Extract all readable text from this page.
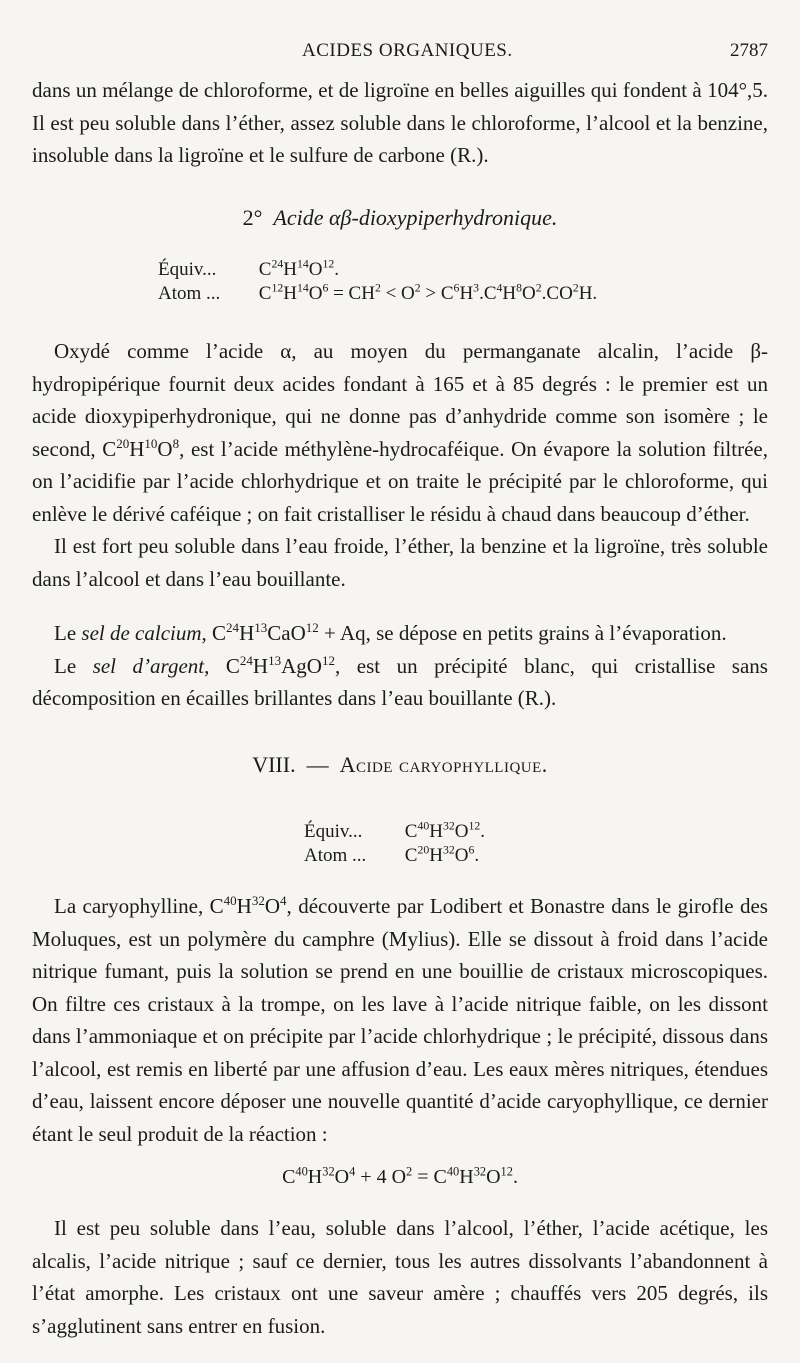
ACIDES ORGANIQUES.	2787

dans un mélange de chloroforme, et de ligroïne en belles aiguilles qui fondent à 104°,5. Il est peu soluble dans l’éther, assez soluble dans le chloroforme, l’alcool et la benzine, insoluble dans la ligroïne et le sulfure de carbone (R.).

2° Acide αβ-dioxypiperhydronique.
Équiv... $C^{24}H^{14}O^{12}$.
Atom ... $C^{12}H^{14}O^6 = CH^2 < O^2 > C^6H^3.C^4H^8O^2.CO^2H$.

Oxydé comme l’acide α, au moyen du permanganate alcalin, l’acide β-hydropipérique fournit deux acides fondant à 165 et à 85 degrés : le premier est un acide dioxypiperhydronique, qui ne donne pas d’anhydride comme son isomère ; le second, $C^{20}H^{10}O^8$, est l’acide méthylène-hydrocaféique. On évapore la solution filtrée, on l’acidifie par l’acide chlorhydrique et on traite le précipité par le chloroforme, qui enlève le dérivé caféique ; on fait cristalliser le résidu à chaud dans beaucoup d’éther.

Il est fort peu soluble dans l’eau froide, l’éther, la benzine et la ligroïne, très soluble dans l’alcool et dans l’eau bouillante.

Le sel de calcium, $C^{24}H^{13}CaO^{12} + Aq$, se dépose en petits grains à l’évaporation.

Le sel d’argent, $C^{24}H^{13}AgO^{12}$, est un précipité blanc, qui cristallise sans décomposition en écailles brillantes dans l’eau bouillante (R.).

VIII. — Acide caryophyllique.
Équiv... $C^{40}H^{32}O^{12}$.
Atom ... $C^{20}H^{32}O^6$.

La caryophylline, $C^{40}H^{32}O^4$, découverte par Lodibert et Bonastre dans le girofle des Moluques, est un polymère du camphre (Mylius). Elle se dissout à froid dans l’acide nitrique fumant, puis la solution se prend en une bouillie de cristaux microscopiques. On filtre ces cristaux à la trompe, on les lave à l’acide nitrique faible, on les dissont dans l’ammoniaque et on précipite par l’acide chlorhydrique ; le précipité, dissous dans l’alcool, est remis en liberté par une affusion d’eau. Les eaux mères nitriques, étendues d’eau, laissent encore déposer une nouvelle quantité d’acide caryophyllique, ce dernier étant le seul produit de la réaction :

$C^{40}H^{32}O^4 + 4$ $O^2 = C^{40}H^{32}O^{12}$.

Il est peu soluble dans l’eau, soluble dans l’alcool, l’éther, l’acide acétique, les alcalis, l’acide nitrique ; sauf ce dernier, tous les autres dissolvants l’abandonnent à l’état amorphe. Les cristaux ont une saveur amère ; chauffés vers 205 degrés, ils s’agglutinent sans entrer en fusion.
